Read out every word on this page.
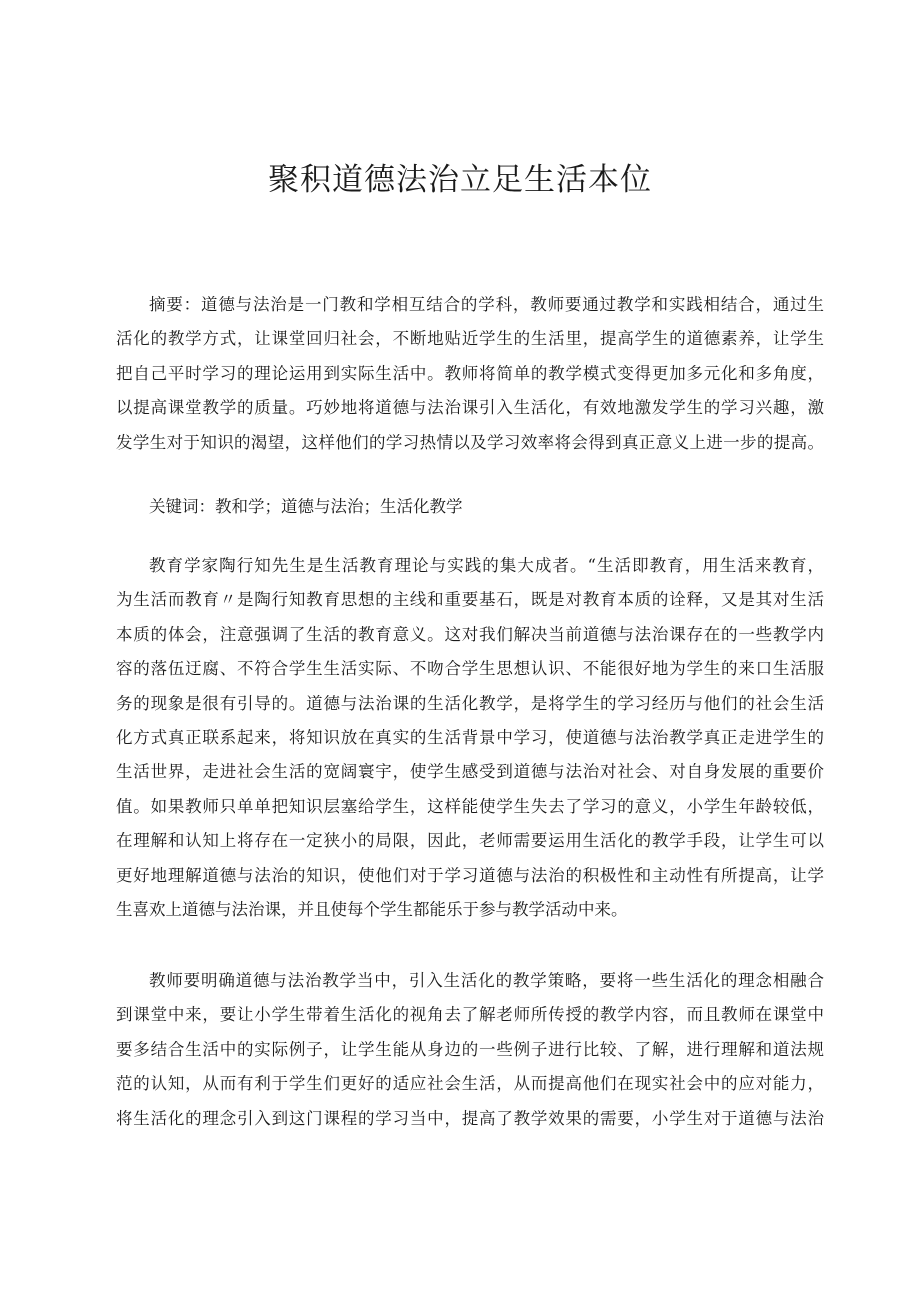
聚积道德法治立足生活本位
摘要：道德与法治是一门教和学相互结合的学科，教师要通过教学和实践相结合，通过生
活化的教学方式，让课堂回归社会，不断地贴近学生的生活里，提高学生的道德素养，让学生
把自己平时学习的理论运用到实际生活中。教师将简单的教学模式变得更加多元化和多角度，
以提高课堂教学的质量。巧妙地将道德与法治课引入生活化，有效地激发学生的学习兴趣，激
发学生对于知识的渴望，这样他们的学习热情以及学习效率将会得到真正意义上进一步的提高。
关键词：教和学；道德与法治；生活化教学
教育学家陶行知先生是生活教育理论与实践的集大成者。“生活即教育，用生活来教育，
为生活而教育〃是陶行知教育思想的主线和重要基石，既是对教育本质的诠释，又是其对生活
本质的体会，注意强调了生活的教育意义。这对我们解决当前道德与法治课存在的一些教学内
容的落伍迂腐、不符合学生生活实际、不吻合学生思想认识、不能很好地为学生的来口生活服
务的现象是很有引导的。道德与法治课的生活化教学，是将学生的学习经历与他们的社会生活
化方式真正联系起来，将知识放在真实的生活背景中学习，使道德与法治教学真正走进学生的
生活世界，走进社会生活的宽阔寰宇，使学生感受到道德与法治对社会、对自身发展的重要价
值。如果教师只单单把知识层塞给学生，这样能使学生失去了学习的意义，小学生年龄较低，
在理解和认知上将存在一定狭小的局限，因此，老师需要运用生活化的教学手段，让学生可以
更好地理解道德与法治的知识，使他们对于学习道德与法治的积极性和主动性有所提高，让学
生喜欢上道德与法治课，并且使每个学生都能乐于参与教学活动中来。
教师要明确道德与法治教学当中，引入生活化的教学策略，要将一些生活化的理念相融合
到课堂中来，要让小学生带着生活化的视角去了解老师所传授的教学内容，而且教师在课堂中
要多结合生活中的实际例子，让学生能从身边的一些例子进行比较、了解，进行理解和道法规
范的认知，从而有利于学生们更好的适应社会生活，从而提高他们在现实社会中的应对能力，
将生活化的理念引入到这门课程的学习当中，提高了教学效果的需要，小学生对于道德与法治
